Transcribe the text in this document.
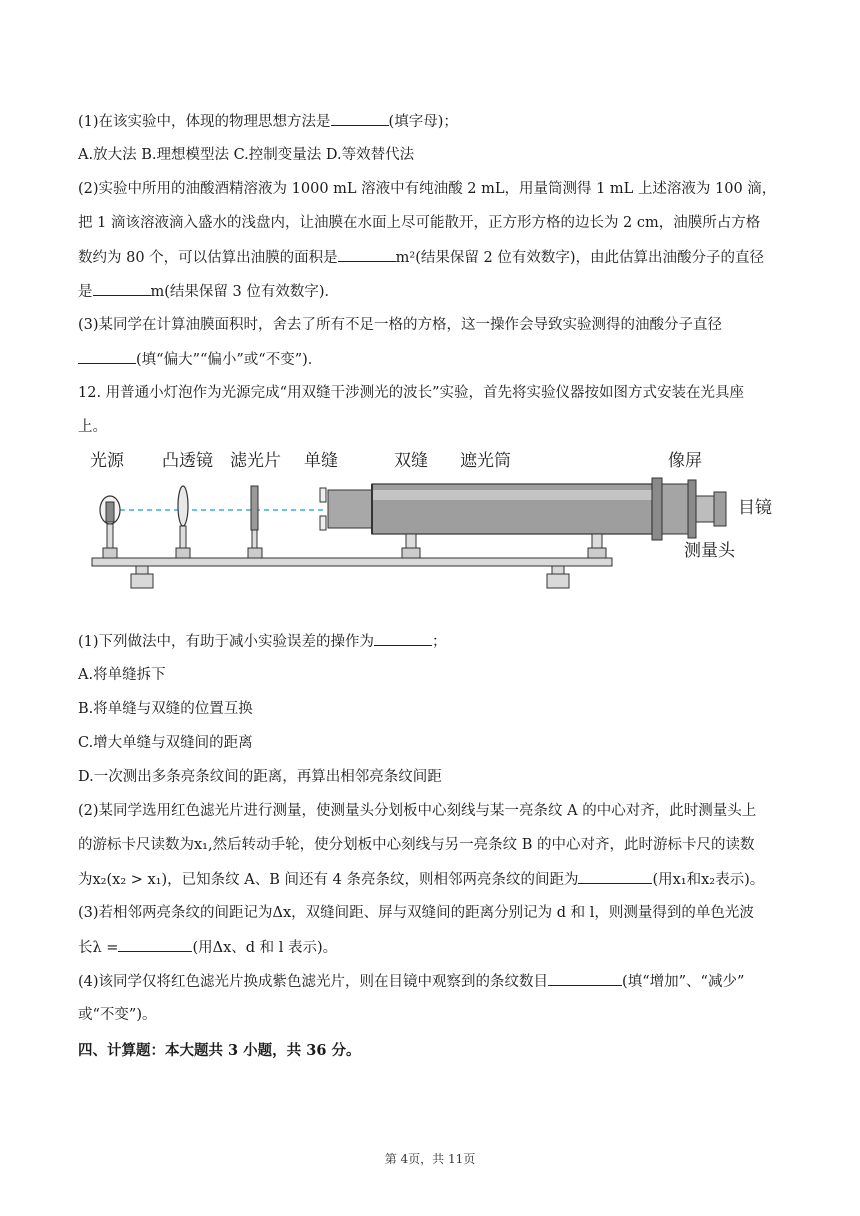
(1)在该实验中，体现的物理思想方法是	(填字母)；
A.放大法 B.理想模型法 C.控制变量法 D.等效替代法
(2)实验中所用的油酸酒精溶液为 1000 mL 溶液中有纯油酸 2 mL，用量筒测得 1 mL 上述溶液为 100 滴，
把 1 滴该溶液滴入盛水的浅盘内，让油膜在水面上尽可能散开，正方形方格的边长为 2 cm，油膜所占方格
数约为 80 个，可以估算出油膜的面积是	m²(结果保留 2 位有效数字)，由此估算出油酸分子的直径
是	m(结果保留 3 位有效数字)．
(3)某同学在计算油膜面积时，舍去了所有不足一格的方格，这一操作会导致实验测得的油酸分子直径
(填“偏大”“偏小”或“不变”)．
12. 用普通小灯泡作为光源完成“用双缝干涉测光的波长”实验，首先将实验仪器按如图方式安装在光具座
上。
光源 凸透镜 滤光片 单缝	双缝 遮光筒	像屏
目镜
测量头
(1)下列做法中，有助于减小实验误差的操作为	；
A.将单缝拆下
B.将单缝与双缝的位置互换
C.增大单缝与双缝间的距离
D.一次测出多条亮条纹间的距离，再算出相邻亮条纹间距
(2)某同学选用红色滤光片进行测量，使测量头分划板中心刻线与某一亮条纹 A 的中心对齐，此时测量头上
的游标卡尺读数为x₁,然后转动手轮，使分划板中心刻线与另一亮条纹 B 的中心对齐，此时游标卡尺的读数
为x₂(x₂ > x₁)，已知条纹 A、B 间还有 4 条亮条纹，则相邻两亮条纹的间距为	(用x₁和x₂表示)。
(3)若相邻两亮条纹的间距记为Δx，双缝间距、屏与双缝间的距离分别记为 d 和 l，则测量得到的单色光波
长λ =	(用Δx、d 和 l 表示)。
(4)该同学仅将红色滤光片换成紫色滤光片，则在目镜中观察到的条纹数目	(填“增加”、“减少”
或“不变”)。
四、计算题：本大题共 3 小题，共 36 分。
第 4页，共 11页
